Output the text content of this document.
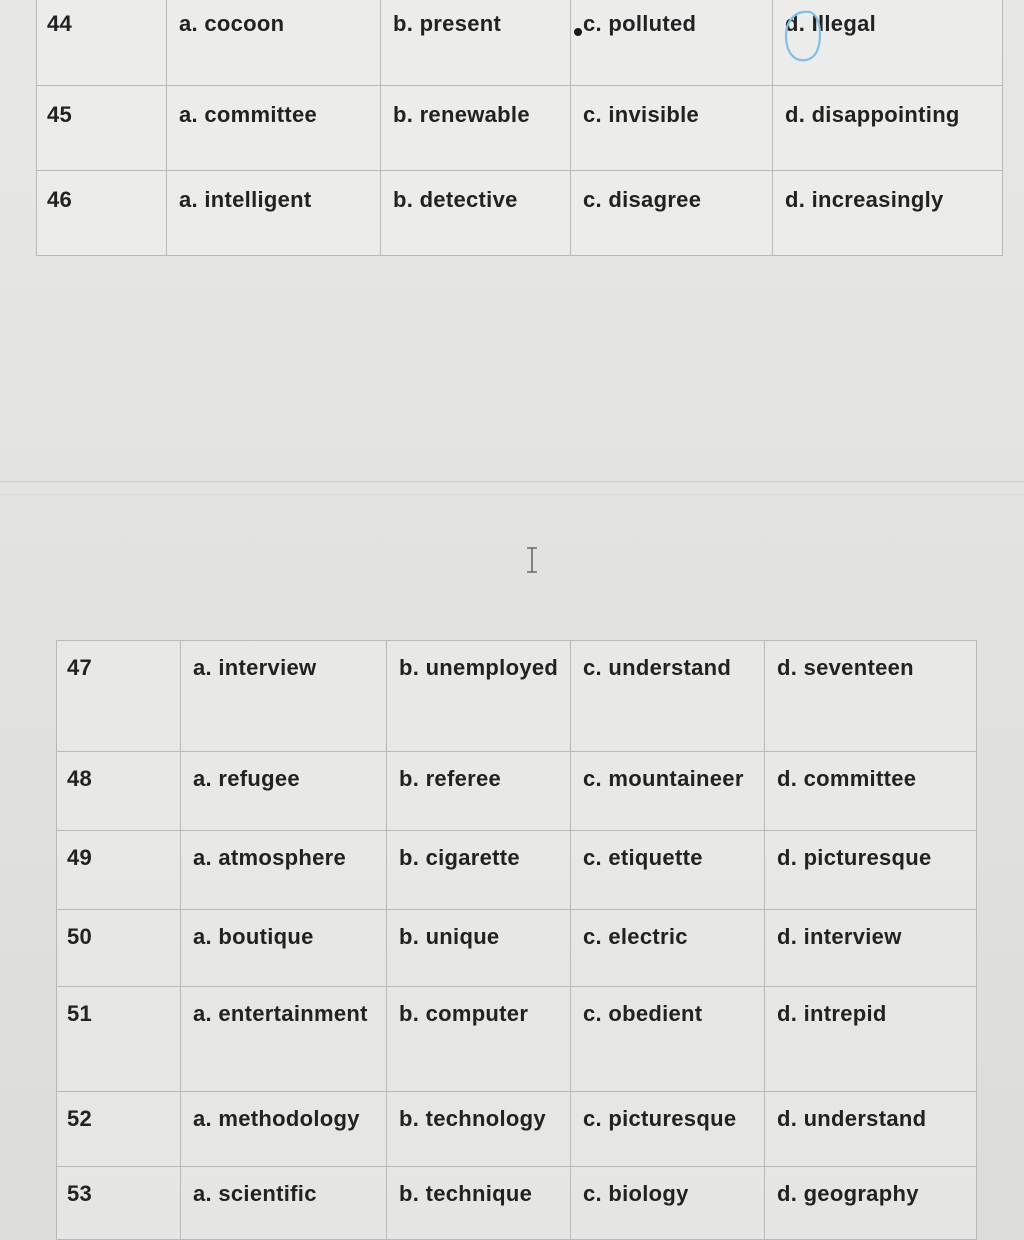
44	a. cocoon	b. present	c. polluted	d. Illegal

45	a. committee	b. renewable	c. invisible	d. disappointing

46	a. intelligent	b. detective	c. disagree	d. increasingly
47	a. interview	b. unemployed	c. understand	d. seventeen

48	a. refugee	b. referee	c. mountaineer	d. committee

49	a. atmosphere	b. cigarette	c. etiquette	d. picturesque

50	a. boutique	b. unique	c. electric	d. interview

51	a. entertainment	b. computer	c. obedient	d. intrepid

52	a. methodology	b. technology	c. picturesque	d. understand

53	a. scientific	b. technique	c. biology	d. geography
